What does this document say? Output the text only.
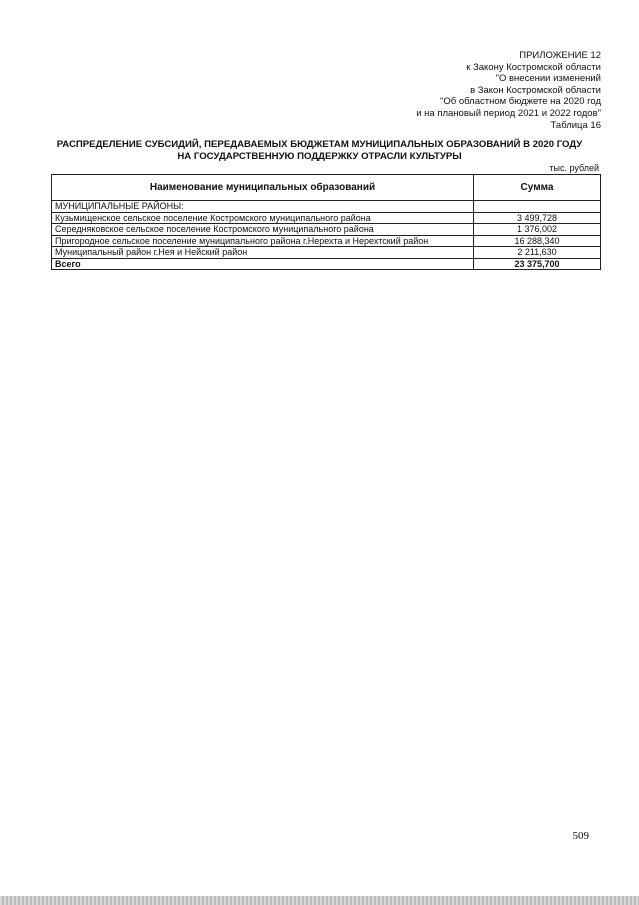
ПРИЛОЖЕНИЕ 12
к Закону Костромской области
"О внесении изменений
в Закон Костромской области
"Об областном бюджете на 2020 год
и на плановый период 2021 и 2022 годов"
Таблица 16
РАСПРЕДЕЛЕНИЕ СУБСИДИЙ, ПЕРЕДАВАЕМЫХ БЮДЖЕТАМ МУНИЦИПАЛЬНЫХ ОБРАЗОВАНИЙ В 2020 ГОДУ
НА ГОСУДАРСТВЕННУЮ ПОДДЕРЖКУ ОТРАСЛИ КУЛЬТУРЫ
тыс. рублей
Наименование муниципальных образований	Сумма
МУНИЦИПАЛЬНЫЕ РАЙОНЫ:	
Кузьмищенское сельское поселение Костромского муниципального района	3 499,728
Середняковское сельское поселение Костромского муниципального района	1 376,002
Пригородное сельское поселение муниципального района г.Нерехта и Нерехтский район	16 288,340
Муниципальный район г.Нея и Нейский район	2 211,630
Всего	23 375,700
509
